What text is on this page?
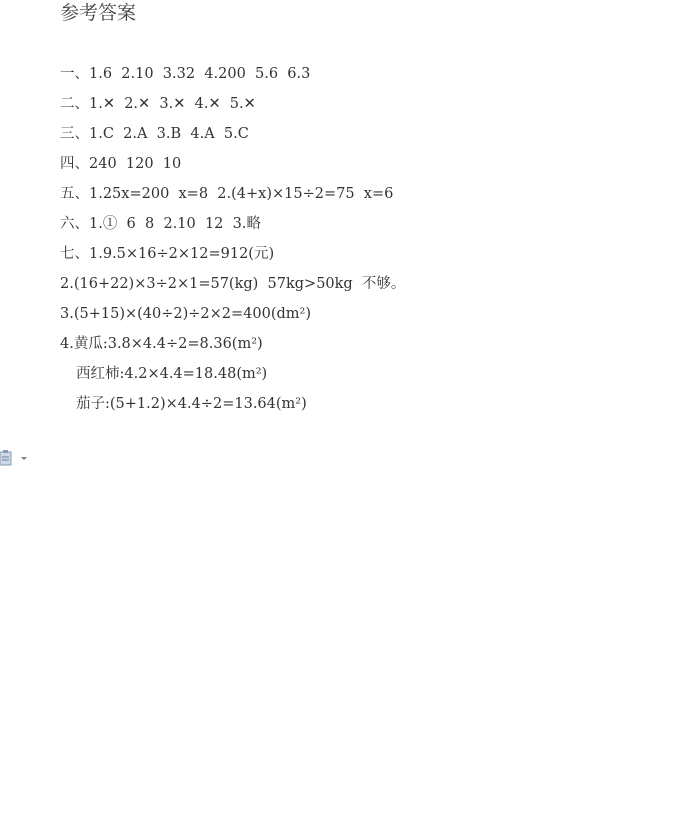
参考答案
一、1.6  2.10  3.32  4.200  5.6  6.3
二、1.✕  2.✕  3.✕  4.✕  5.✕
三、1.C  2.A  3.B  4.A  5.C
四、240  120  10
五、1.25x=200  x=8  2.(4+x)×15÷2=75  x=6
六、1.①  6  8  2.10  12  3.略
七、1.9.5×16÷2×12=912(元)
2.(16+22)×3÷2×1=57(kg)  57kg>50kg  不够。
3.(5+15)×(40÷2)÷2×2=400(dm²)
4.黄瓜:3.8×4.4÷2=8.36(m²)
西红柿:4.2×4.4=18.48(m²)
茄子:(5+1.2)×4.4÷2=13.64(m²)
